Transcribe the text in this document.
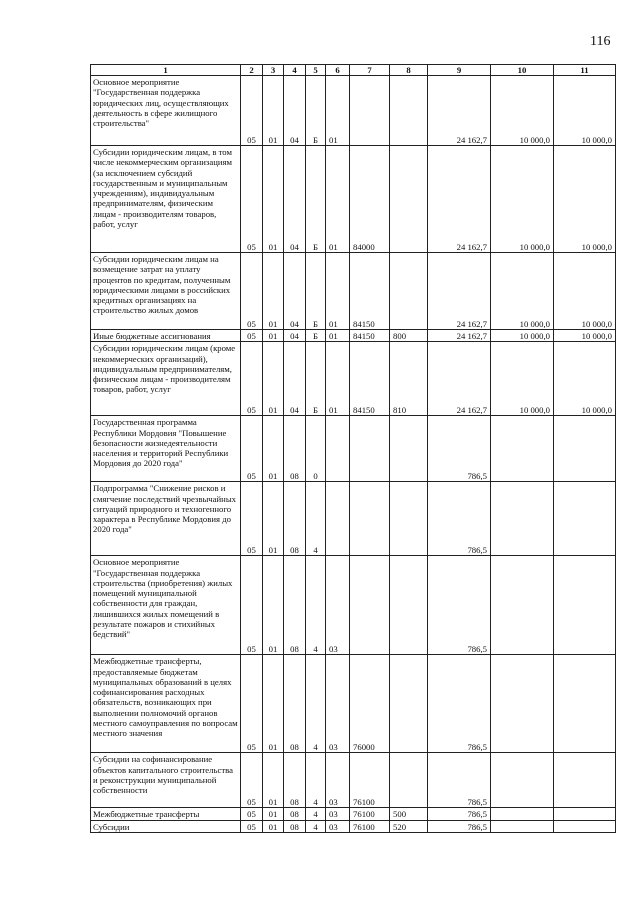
116
1	2	3	4	5	6	7	8	9	10	11
Основное мероприятие "Государственная поддержка юридических лиц, осуществляющих деятельность в сфере жилищного строительства"	05	01	04	Б	01			24 162,7	10 000,0	10 000,0
Субсидии юридическим лицам, в том числе некоммерческим организациям (за исключением субсидий государственным и муниципальным учреждениям), индивидуальным предпринимателям, физическим лицам - производителям товаров, работ, услуг	05	01	04	Б	01	84000		24 162,7	10 000,0	10 000,0
Субсидии юридическим лицам на возмещение затрат на уплату процентов по кредитам, полученным юридическими лицами в российских кредитных организациях на строительство жилых домов	05	01	04	Б	01	84150		24 162,7	10 000,0	10 000,0
Иные бюджетные ассигнования	05	01	04	Б	01	84150	800	24 162,7	10 000,0	10 000,0
Субсидии юридическим лицам (кроме некоммерческих организаций), индивидуальным предпринимателям, физическим лицам - производителям товаров, работ, услуг	05	01	04	Б	01	84150	810	24 162,7	10 000,0	10 000,0
Государственная программа Республики Мордовия "Повышение безопасности жизнедеятельности населения и территорий Республики Мордовия до 2020 года"	05	01	08	0				786,5		
Подпрограмма "Снижение рисков и смягчение последствий чрезвычайных ситуаций природного и техногенного характера в Республике Мордовия до 2020 года"	05	01	08	4				786,5		
Основное мероприятие "Государственная поддержка строительства (приобретения) жилых помещений муниципальной собственности для граждан, лишившихся жилых помещений в результате пожаров и стихийных бедствий"	05	01	08	4	03			786,5		
Межбюджетные трансферты, предоставляемые бюджетам муниципальных образований в целях софинансирования расходных обязательств, возникающих при выполнении полномочий органов местного самоуправления по вопросам местного значения	05	01	08	4	03	76000		786,5		
Субсидии на софинансирование объектов капитального строительства и реконструкции муниципальной собственности	05	01	08	4	03	76100		786,5		
Межбюджетные трансферты	05	01	08	4	03	76100	500	786,5		
Субсидии	05	01	08	4	03	76100	520	786,5		
